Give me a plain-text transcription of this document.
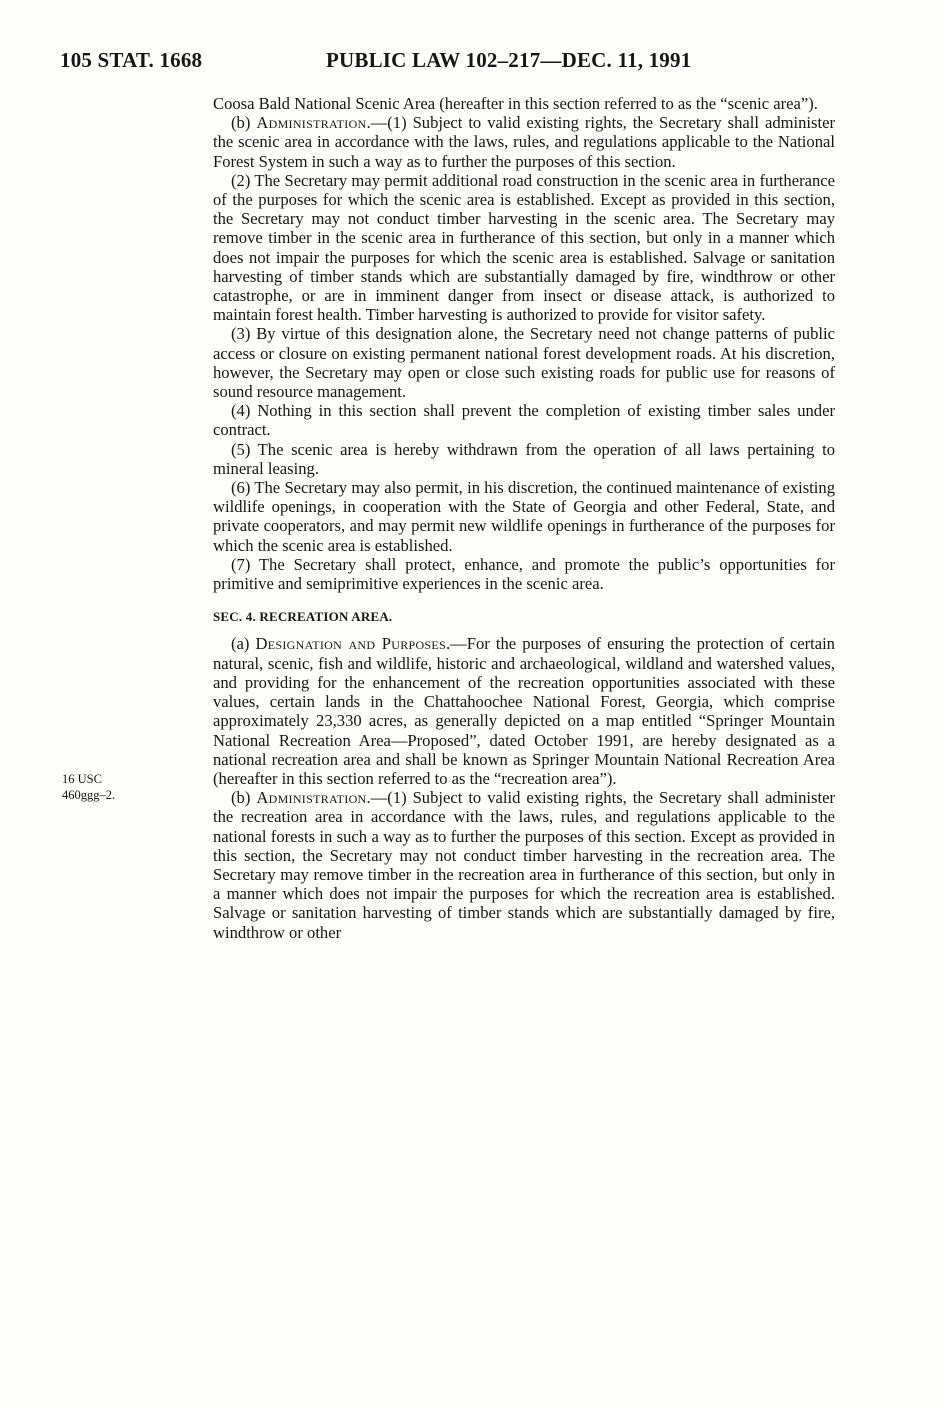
105 STAT. 1668	PUBLIC LAW 102–217—DEC. 11, 1991
16 USC
460ggg–2.

Coosa Bald National Scenic Area (hereafter in this section referred to as the “scenic area”).

(b) Administration.—(1) Subject to valid existing rights, the Secretary shall administer the scenic area in accordance with the laws, rules, and regulations applicable to the National Forest System in such a way as to further the purposes of this section.

(2) The Secretary may permit additional road construction in the scenic area in furtherance of the purposes for which the scenic area is established. Except as provided in this section, the Secretary may not conduct timber harvesting in the scenic area. The Secretary may remove timber in the scenic area in furtherance of this section, but only in a manner which does not impair the purposes for which the scenic area is established. Salvage or sanitation harvesting of timber stands which are substantially damaged by fire, windthrow or other catastrophe, or are in imminent danger from insect or disease attack, is authorized to maintain forest health. Timber harvesting is authorized to provide for visitor safety.

(3) By virtue of this designation alone, the Secretary need not change patterns of public access or closure on existing permanent national forest development roads. At his discretion, however, the Secretary may open or close such existing roads for public use for reasons of sound resource management.

(4) Nothing in this section shall prevent the completion of existing timber sales under contract.

(5) The scenic area is hereby withdrawn from the operation of all laws pertaining to mineral leasing.

(6) The Secretary may also permit, in his discretion, the continued maintenance of existing wildlife openings, in cooperation with the State of Georgia and other Federal, State, and private cooperators, and may permit new wildlife openings in furtherance of the purposes for which the scenic area is established.

(7) The Secretary shall protect, enhance, and promote the public’s opportunities for primitive and semiprimitive experiences in the scenic area.

SEC. 4. RECREATION AREA.

(a) Designation and Purposes.—For the purposes of ensuring the protection of certain natural, scenic, fish and wildlife, historic and archaeological, wildland and watershed values, and providing for the enhancement of the recreation opportunities associated with these values, certain lands in the Chattahoochee National Forest, Georgia, which comprise approximately 23,330 acres, as generally depicted on a map entitled “Springer Mountain National Recreation Area—Proposed”, dated October 1991, are hereby designated as a national recreation area and shall be known as Springer Mountain National Recreation Area (hereafter in this section referred to as the “recreation area”).

(b) Administration.—(1) Subject to valid existing rights, the Secretary shall administer the recreation area in accordance with the laws, rules, and regulations applicable to the national forests in such a way as to further the purposes of this section. Except as provided in this section, the Secretary may not conduct timber harvesting in the recreation area. The Secretary may remove timber in the recreation area in furtherance of this section, but only in a manner which does not impair the purposes for which the recreation area is established. Salvage or sanitation harvesting of timber stands which are substantially damaged by fire, windthrow or other
